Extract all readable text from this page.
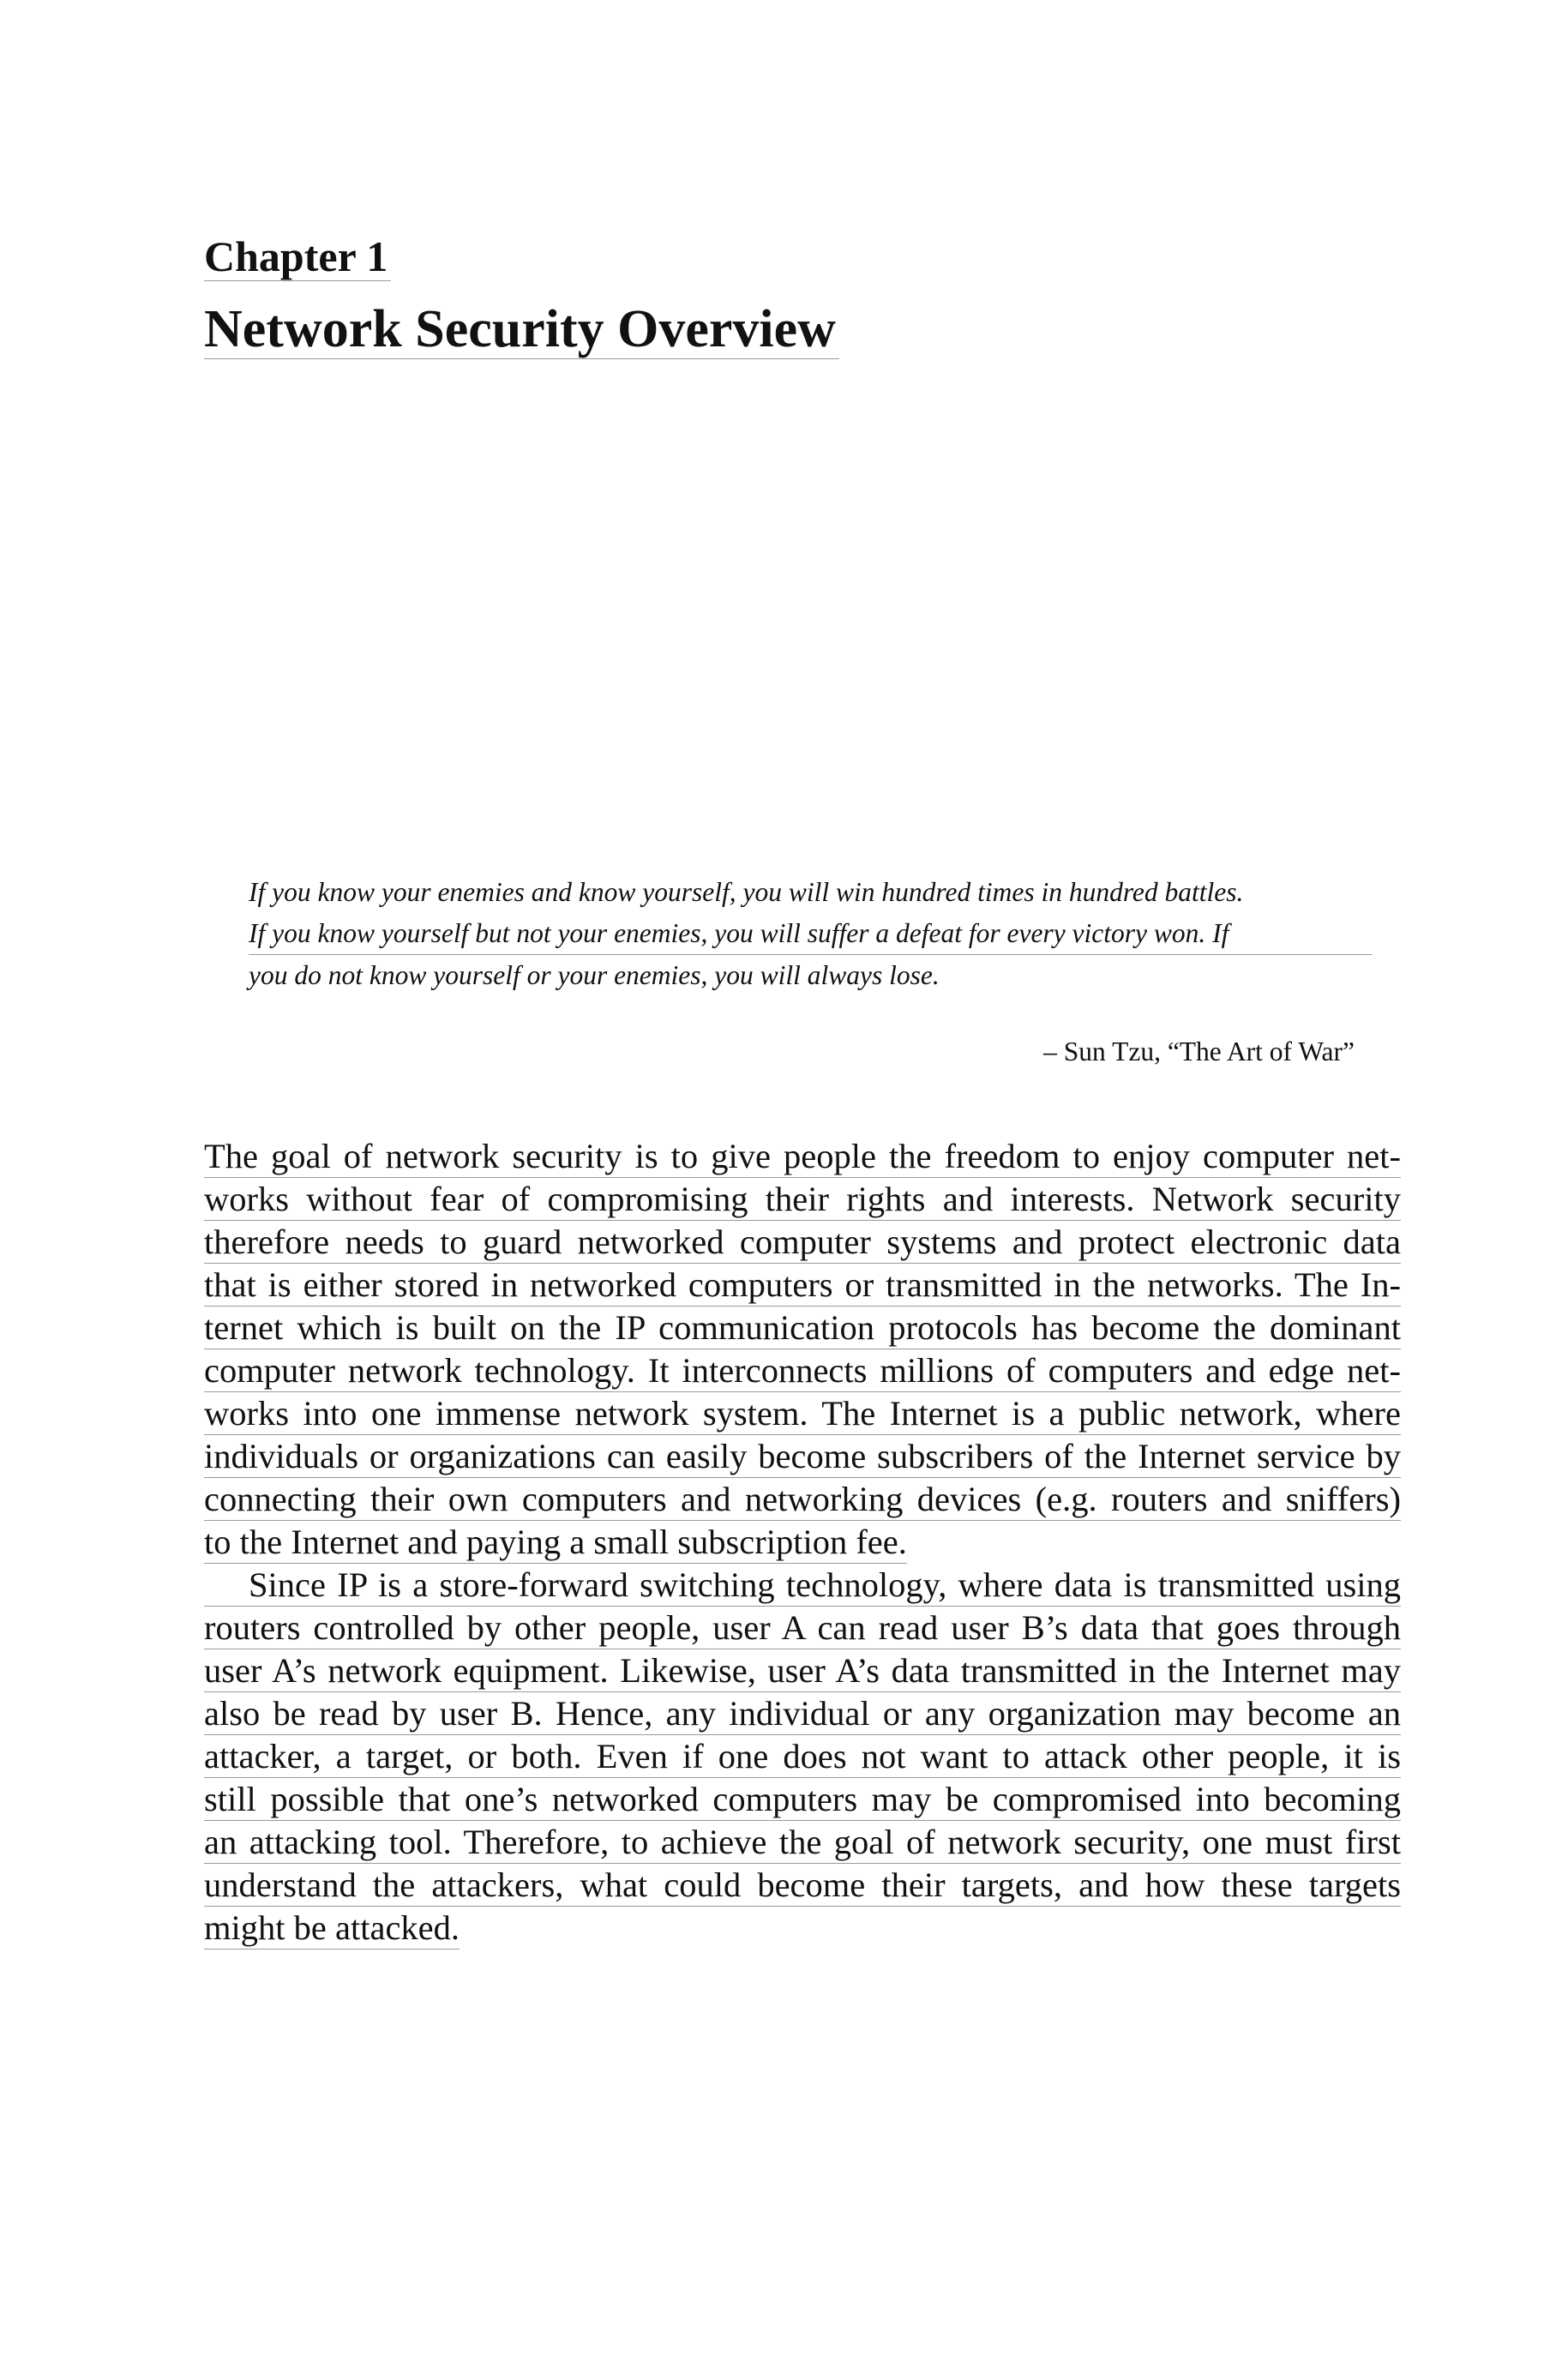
Chapter 1
Network Security Overview

If you know your enemies and know yourself, you will win hundred times in hundred battles.
If you know yourself but not your enemies, you will suffer a defeat for every victory won. If
you do not know yourself or your enemies, you will always lose.

– Sun Tzu, “The Art of War”
The goal of network security is to give people the freedom to enjoy computer net-
works without fear of compromising their rights and interests. Network security
therefore needs to guard networked computer systems and protect electronic data
that is either stored in networked computers or transmitted in the networks. The In-
ternet which is built on the IP communication protocols has become the dominant
computer network technology. It interconnects millions of computers and edge net-
works into one immense network system. The Internet is a public network, where
individuals or organizations can easily become subscribers of the Internet service by
connecting their own computers and networking devices (e.g. routers and sniffers)
to the Internet and paying a small subscription fee.
Since IP is a store-forward switching technology, where data is transmitted using
routers controlled by other people, user A can read user B’s data that goes through
user A’s network equipment. Likewise, user A’s data transmitted in the Internet may
also be read by user B. Hence, any individual or any organization may become an
attacker, a target, or both. Even if one does not want to attack other people, it is
still possible that one’s networked computers may be compromised into becoming
an attacking tool. Therefore, to achieve the goal of network security, one must first
understand the attackers, what could become their targets, and how these targets
might be attacked.
